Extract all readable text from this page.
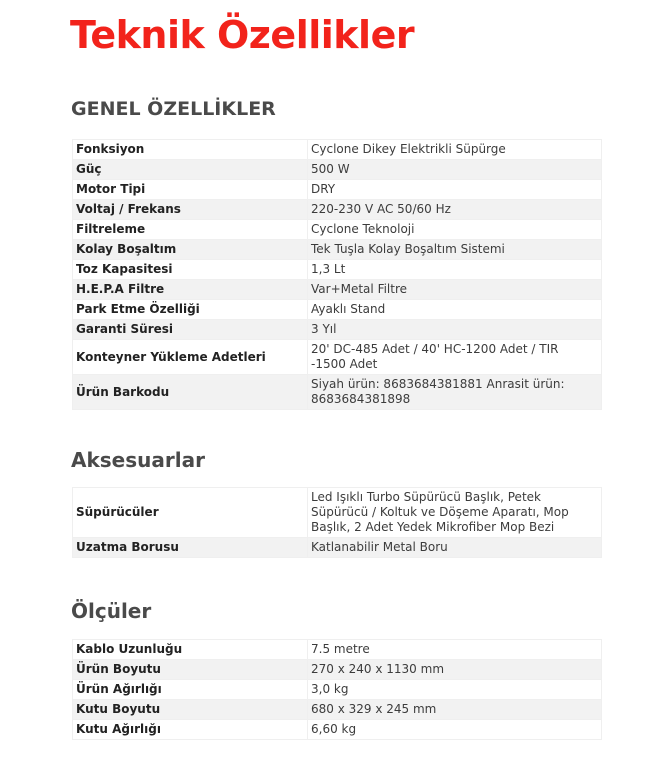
Teknik Özellikler
GENEL ÖZELLİKLER
Fonksiyon	Cyclone Dikey Elektrikli Süpürge
Güç	500 W
Motor Tipi	DRY
Voltaj / Frekans	220-230 V AC 50/60 Hz
Filtreleme	Cyclone Teknoloji
Kolay Boşaltım	Tek Tuşla Kolay Boşaltım Sistemi
Toz Kapasitesi	1,3 Lt
H.E.P.A Filtre	Var+Metal Filtre
Park Etme Özelliği	Ayaklı Stand
Garanti Süresi	3 Yıl
Konteyner Yükleme Adetleri	20' DC-485 Adet / 40' HC-1200 Adet / TIR -1500 Adet
Ürün Barkodu	Siyah ürün: 8683684381881 Anrasit ürün: 8683684381898
Aksesuarlar
Süpürücüler	Led Işıklı Turbo Süpürücü Başlık, Petek Süpürücü / Koltuk ve Döşeme Aparatı, Mop Başlık, 2 Adet Yedek Mikrofiber Mop Bezi
Uzatma Borusu	Katlanabilir Metal Boru
Ölçüler
Kablo Uzunluğu	7.5 metre
Ürün Boyutu	270 x 240 x 1130 mm
Ürün Ağırlığı	3,0 kg
Kutu Boyutu	680 x 329 x 245 mm
Kutu Ağırlığı	6,60 kg
